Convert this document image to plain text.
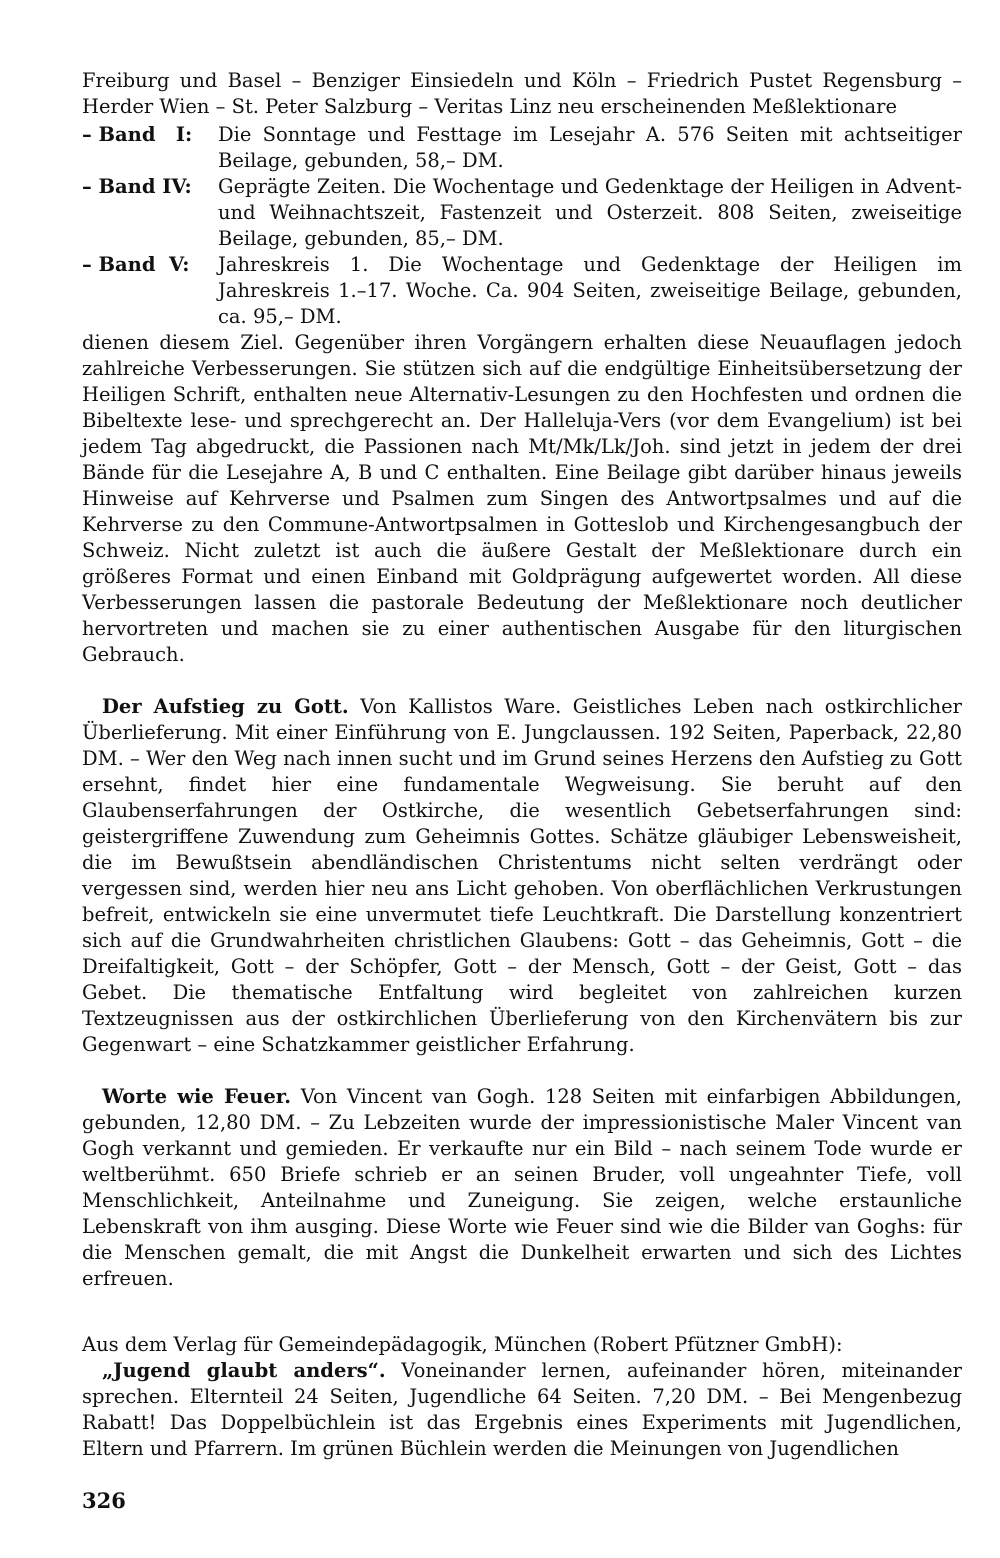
Freiburg und Basel – Benziger Einsiedeln und Köln – Friedrich Pustet Regensburg – Herder Wien – St. Peter Salzburg – Veritas Linz neu erscheinenden Meßlektionare

– Band   I:	Die Sonntage und Festtage im Lesejahr A. 576 Seiten mit achtseitiger Beilage, gebunden, 58,– DM.
– Band IV:	Geprägte Zeiten. Die Wochentage und Gedenktage der Heiligen in Advent- und Weihnachtszeit, Fastenzeit und Osterzeit. 808 Seiten, zweiseitige Beilage, gebunden, 85,– DM.
– Band  V:	Jahreskreis 1. Die Wochentage und Gedenktage der Heiligen im Jahreskreis 1.–17. Woche. Ca. 904 Seiten, zweiseitige Beilage, gebunden, ca. 95,– DM.

dienen diesem Ziel. Gegenüber ihren Vorgängern erhalten diese Neuauflagen jedoch zahlreiche Verbesserungen. Sie stützen sich auf die endgültige Einheitsübersetzung der Heiligen Schrift, enthalten neue Alternativ-Lesungen zu den Hochfesten und ordnen die Bibeltexte lese- und sprechgerecht an. Der Halleluja-Vers (vor dem Evangelium) ist bei jedem Tag abgedruckt, die Passionen nach Mt/Mk/Lk/Joh. sind jetzt in jedem der drei Bände für die Lesejahre A, B und C enthalten. Eine Beilage gibt darüber hinaus jeweils Hinweise auf Kehrverse und Psalmen zum Singen des Antwortpsalmes und auf die Kehrverse zu den Commune-Antwortpsalmen in Gotteslob und Kirchengesangbuch der Schweiz. Nicht zuletzt ist auch die äußere Gestalt der Meßlektionare durch ein größeres Format und einen Einband mit Goldprägung aufgewertet worden. All diese Verbesserungen lassen die pastorale Bedeutung der Meßlektionare noch deutlicher hervortreten und machen sie zu einer authentischen Ausgabe für den liturgischen Gebrauch.

Der Aufstieg zu Gott. Von Kallistos Ware. Geistliches Leben nach ostkirchlicher Überlieferung. Mit einer Einführung von E. Jungclaussen. 192 Seiten, Paperback, 22,80 DM. – Wer den Weg nach innen sucht und im Grund seines Herzens den Aufstieg zu Gott ersehnt, findet hier eine fundamentale Wegweisung. Sie beruht auf den Glaubenserfahrungen der Ostkirche, die wesentlich Gebetserfahrungen sind: geistergriffene Zuwendung zum Geheimnis Gottes. Schätze gläubiger Lebensweisheit, die im Bewußtsein abendländischen Christentums nicht selten verdrängt oder vergessen sind, werden hier neu ans Licht gehoben. Von oberflächlichen Verkrustungen befreit, entwickeln sie eine unvermutet tiefe Leuchtkraft. Die Darstellung konzentriert sich auf die Grundwahrheiten christlichen Glaubens: Gott – das Geheimnis, Gott – die Dreifaltigkeit, Gott – der Schöpfer, Gott – der Mensch, Gott – der Geist, Gott – das Gebet. Die thematische Entfaltung wird begleitet von zahlreichen kurzen Textzeugnissen aus der ostkirchlichen Überlieferung von den Kirchenvätern bis zur Gegenwart – eine Schatzkammer geistlicher Erfahrung.

Worte wie Feuer. Von Vincent van Gogh. 128 Seiten mit einfarbigen Abbildungen, gebunden, 12,80 DM. – Zu Lebzeiten wurde der impressionistische Maler Vincent van Gogh verkannt und gemieden. Er verkaufte nur ein Bild – nach seinem Tode wurde er weltberühmt. 650 Briefe schrieb er an seinen Bruder, voll ungeahnter Tiefe, voll Menschlichkeit, Anteilnahme und Zuneigung. Sie zeigen, welche erstaunliche Lebenskraft von ihm ausging. Diese Worte wie Feuer sind wie die Bilder van Goghs: für die Menschen gemalt, die mit Angst die Dunkelheit erwarten und sich des Lichtes erfreuen.

Aus dem Verlag für Gemeindepädagogik, München (Robert Pfützner GmbH):

„Jugend glaubt anders“. Voneinander lernen, aufeinander hören, miteinander sprechen. Elternteil 24 Seiten, Jugendliche 64 Seiten. 7,20 DM. – Bei Mengenbezug Rabatt! Das Doppelbüchlein ist das Ergebnis eines Experiments mit Jugendlichen, Eltern und Pfarrern. Im grünen Büchlein werden die Meinungen von Jugendlichen

326
